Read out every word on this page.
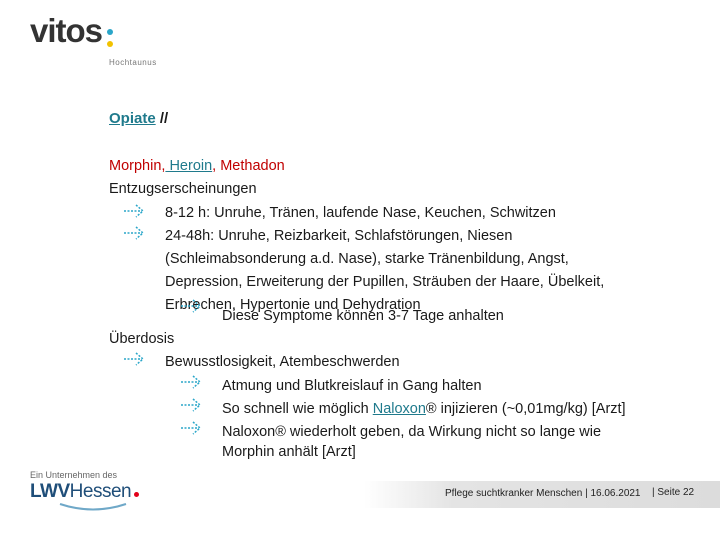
vitos
Hochtaunus
Opiate //
Morphin, Heroin, Methadon
Entzugserscheinungen
8-12 h: Unruhe, Tränen, laufende Nase, Keuchen, Schwitzen
24-48h: Unruhe, Reizbarkeit, Schlafstörungen, Niesen
(Schleimabsonderung a.d. Nase), starke Tränenbildung, Angst,
Depression, Erweiterung der Pupillen, Sträuben der Haare, Übelkeit,
Erbrechen, Hypertonie und Dehydration
Diese Symptome können 3-7 Tage anhalten
Überdosis
Bewusstlosigkeit, Atembeschwerden
Atmung und Blutkreislauf in Gang halten
So schnell wie möglich Naloxon® injizieren (~0,01mg/kg) [Arzt]
Naloxon® wiederholt geben, da Wirkung nicht so lange wie
Morphin anhält [Arzt]
Ein Unternehmen des
LWVHessen	Pflege suchtkranker Menschen | 16.06.2021 | Seite 22
